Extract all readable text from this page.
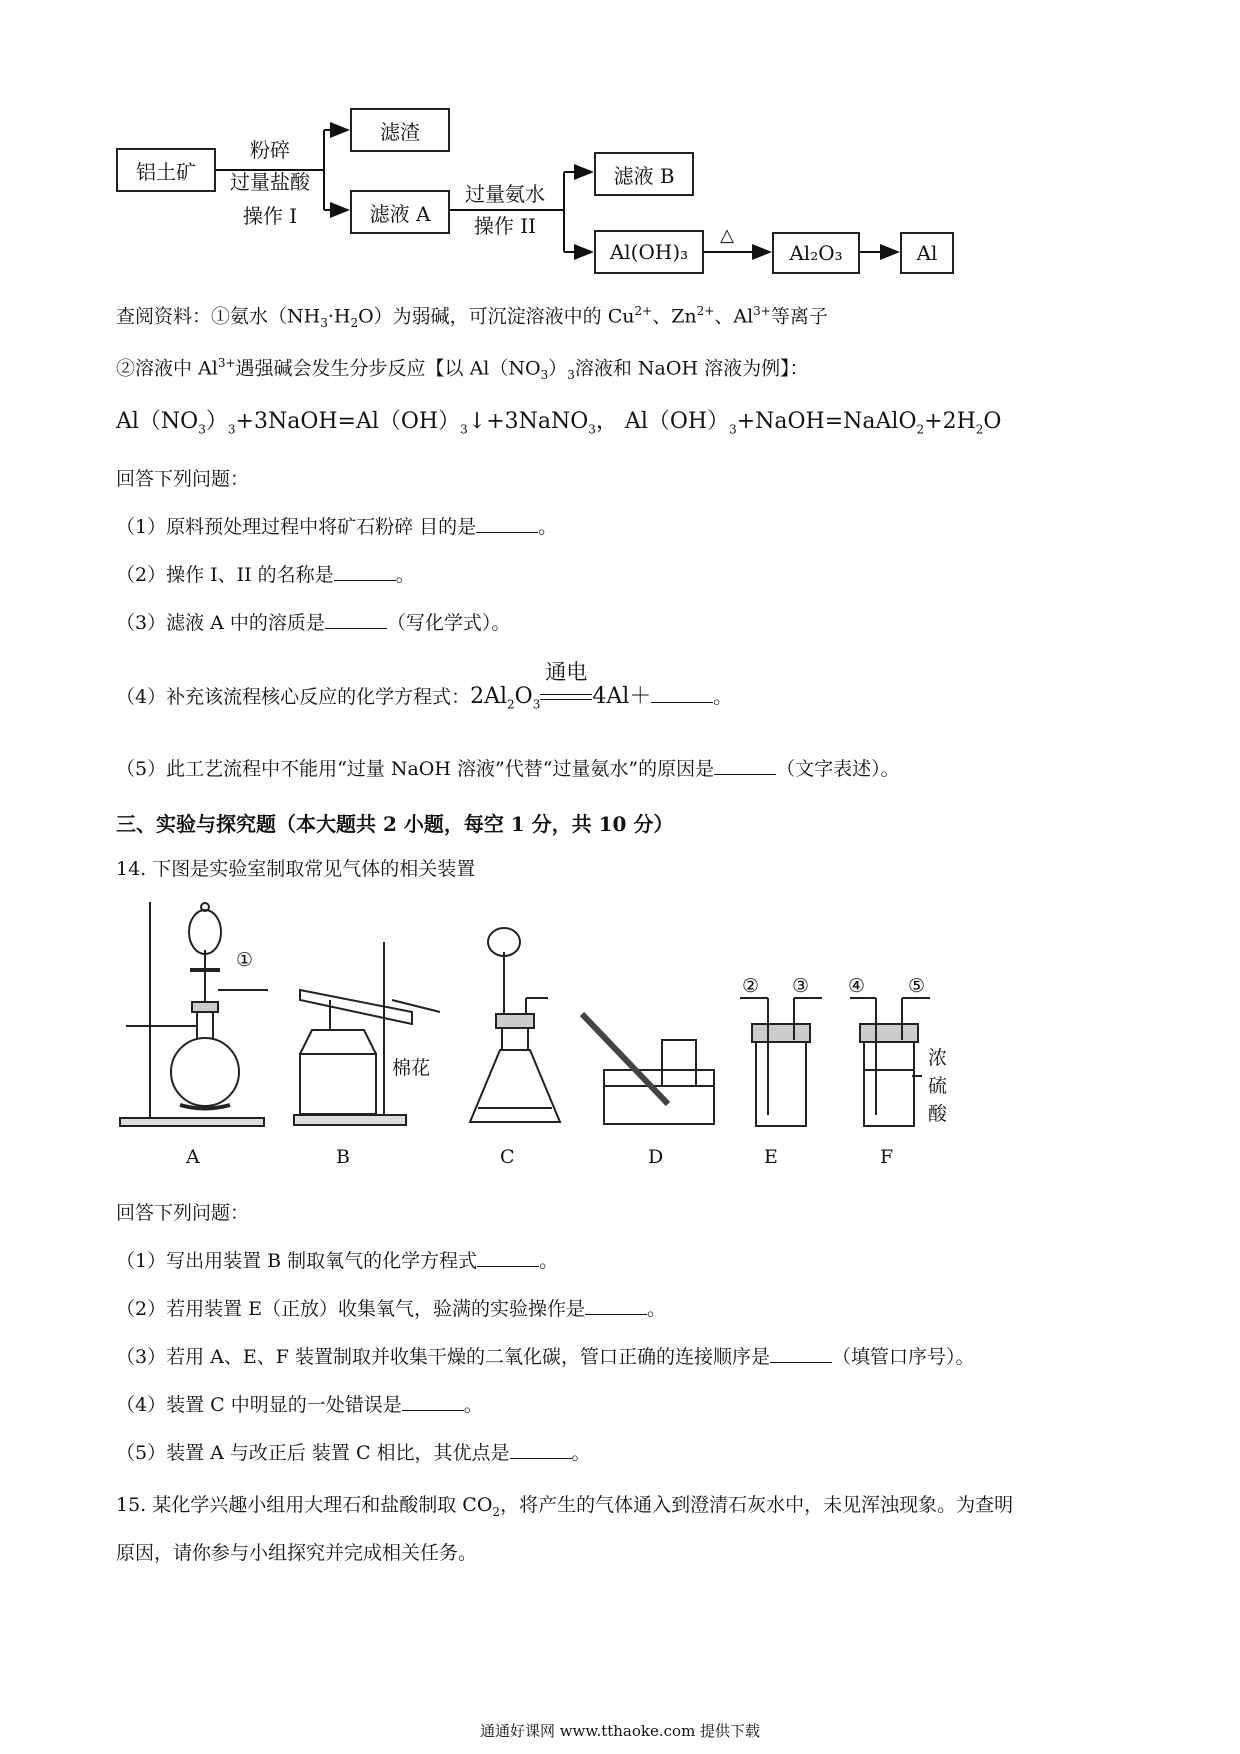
铝土矿
滤渣
滤液 A
滤液 B
Al(OH)₃	Al₂O₃	Al
粉碎
过量盐酸
操作 I
过量氨水
操作 II	△
查阅资料：①氨水$(NH_3\cdot H_2O)$为弱碱，可沉淀溶液中的 $Cu^{2+}$、$Zn^{2+}$、$Al^{3+}$等离子
②溶液中 $Al^{3+}$遇强碱会发生分步反应【以 $Al(NO_3)_3$溶液和 NaOH 溶液为例】：
$Al(NO_3)_3+3NaOH=Al(OH)_3↓+3NaNO_3$， $Al(OH)_3+NaOH=NaAlO_2+2H_2O$
回答下列问题：
（1）原料预处理过程中将矿石粉碎 目的是	。
（2）操作 I、II 的名称是	。
（3）滤液 A 中的溶质是	（写化学式）。
（4）补充该流程核心反应的化学方程式：$2Al_2O_3$
通电
4Al＋	。
（5）此工艺流程中不能用“过量 NaOH 溶液”代替“过量氨水”的原因是	（文字表述）。
三、实验与探究题（本大题共 2 小题，每空 1 分，共 10 分）
14. 下图是实验室制取常见气体的相关装置
①
② ③ ④ ⑤
棉花	浓
硫
酸
A	B	C	D	E	F
回答下列问题：
（1）写出用装置 B 制取氧气的化学方程式	。
（2）若用装置 E（正放）收集氧气，验满的实验操作是	。
（3）若用 A、E、F 装置制取并收集干燥的二氧化碳，管口正确的连接顺序是	（填管口序号）。
（4）装置 C 中明显的一处错误是	。
（5）装置 A 与改正后 装置 C 相比，其优点是	。
15. 某化学兴趣小组用大理石和盐酸制取 $CO_2$，将产生的气体通入到澄清石灰水中，未见浑浊现象。为查明
原因，请你参与小组探究并完成相关任务。
通通好课网 www.tthaoke.com 提供下载
